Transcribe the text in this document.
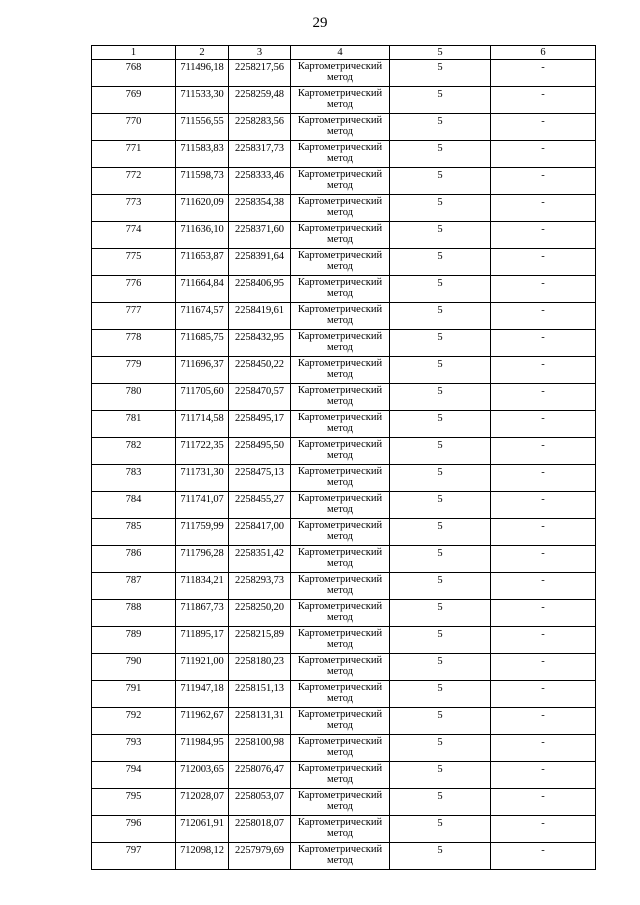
29
1	2	3	4	5	6
768	711496,18	2258217,56	Картометрический метод	5	-
769	711533,30	2258259,48	Картометрический метод	5	-
770	711556,55	2258283,56	Картометрический метод	5	-
771	711583,83	2258317,73	Картометрический метод	5	-
772	711598,73	2258333,46	Картометрический метод	5	-
773	711620,09	2258354,38	Картометрический метод	5	-
774	711636,10	2258371,60	Картометрический метод	5	-
775	711653,87	2258391,64	Картометрический метод	5	-
776	711664,84	2258406,95	Картометрический метод	5	-
777	711674,57	2258419,61	Картометрический метод	5	-
778	711685,75	2258432,95	Картометрический метод	5	-
779	711696,37	2258450,22	Картометрический метод	5	-
780	711705,60	2258470,57	Картометрический метод	5	-
781	711714,58	2258495,17	Картометрический метод	5	-
782	711722,35	2258495,50	Картометрический метод	5	-
783	711731,30	2258475,13	Картометрический метод	5	-
784	711741,07	2258455,27	Картометрический метод	5	-
785	711759,99	2258417,00	Картометрический метод	5	-
786	711796,28	2258351,42	Картометрический метод	5	-
787	711834,21	2258293,73	Картометрический метод	5	-
788	711867,73	2258250,20	Картометрический метод	5	-
789	711895,17	2258215,89	Картометрический метод	5	-
790	711921,00	2258180,23	Картометрический метод	5	-
791	711947,18	2258151,13	Картометрический метод	5	-
792	711962,67	2258131,31	Картометрический метод	5	-
793	711984,95	2258100,98	Картометрический метод	5	-
794	712003,65	2258076,47	Картометрический метод	5	-
795	712028,07	2258053,07	Картометрический метод	5	-
796	712061,91	2258018,07	Картометрический метод	5	-
797	712098,12	2257979,69	Картометрический метод	5	-
